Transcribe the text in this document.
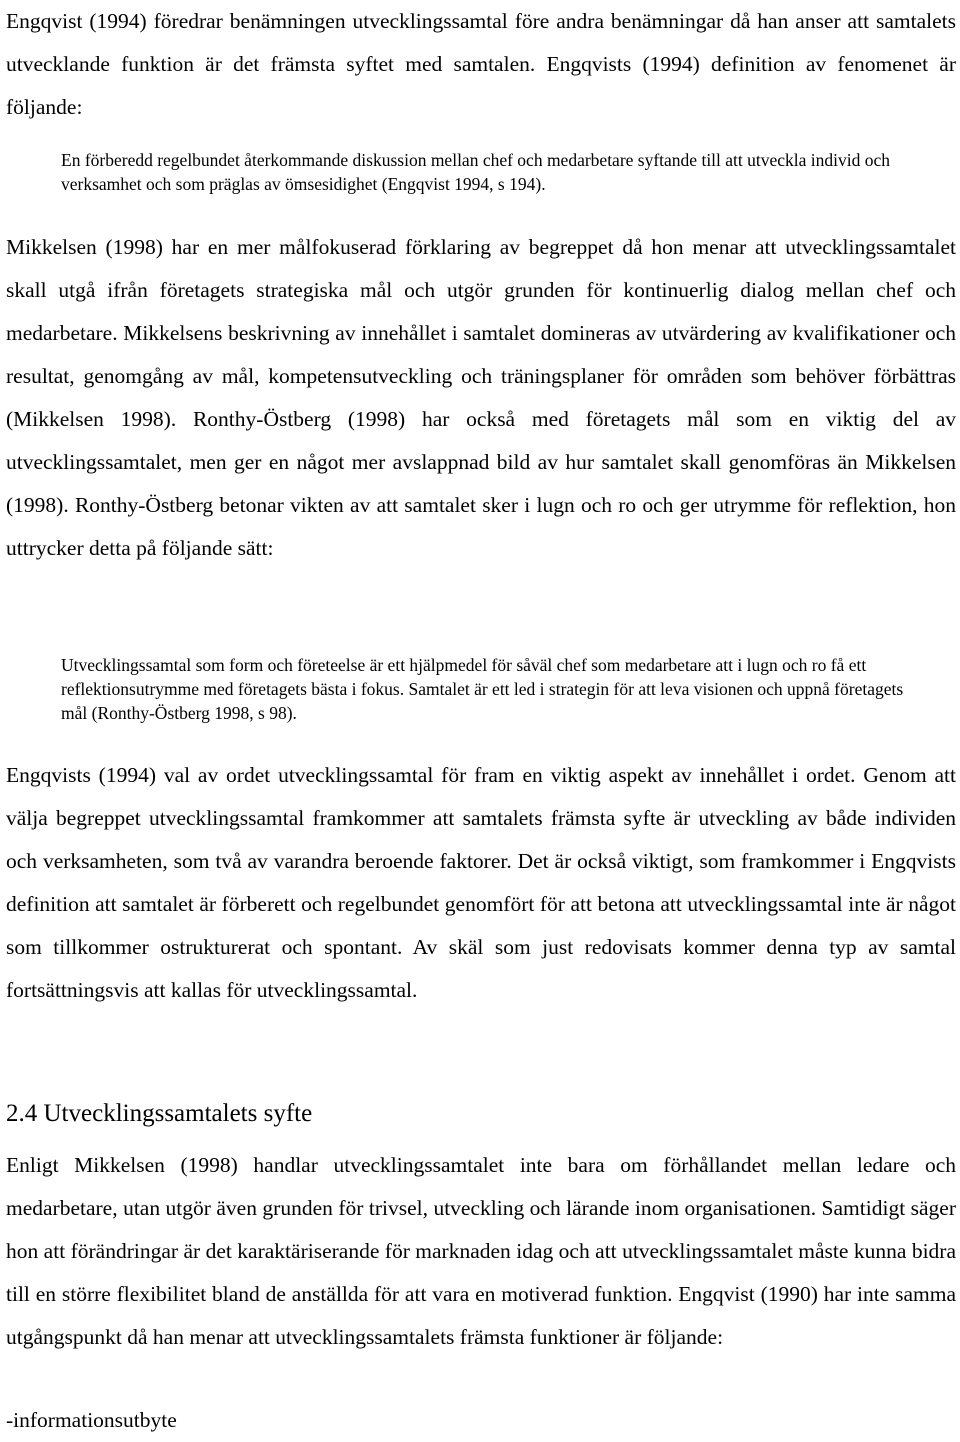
Engqvist (1994) föredrar benämningen utvecklingssamtal före andra benämningar då han anser att samtalets utvecklande funktion är det främsta syftet med samtalen. Engqvists (1994) definition av fenomenet är följande:

En förberedd regelbundet återkommande diskussion mellan chef och medarbetare syftande till att utveckla individ och verksamhet och som präglas av ömsesidighet (Engqvist 1994, s 194).

Mikkelsen (1998) har en mer målfokuserad förklaring av begreppet då hon menar att utvecklingssamtalet skall utgå ifrån företagets strategiska mål och utgör grunden för kontinuerlig dialog mellan chef och medarbetare. Mikkelsens beskrivning av innehållet i samtalet domineras av utvärdering av kvalifikationer och resultat, genomgång av mål, kompetensutveckling och träningsplaner för områden som behöver förbättras (Mikkelsen 1998). Ronthy-Östberg (1998) har också med företagets mål som en viktig del av utvecklingssamtalet, men ger en något mer avslappnad bild av hur samtalet skall genomföras än Mikkelsen (1998). Ronthy-Östberg betonar vikten av att samtalet sker i lugn och ro och ger utrymme för reflektion, hon uttrycker detta på följande sätt:

Utvecklingssamtal som form och företeelse är ett hjälpmedel för såväl chef som medarbetare att i lugn och ro få ett reflektionsutrymme med företagets bästa i fokus. Samtalet är ett led i strategin för att leva visionen och uppnå företagets mål (Ronthy-Östberg 1998, s 98).

Engqvists (1994) val av ordet utvecklingssamtal för fram en viktig aspekt av innehållet i ordet. Genom att välja begreppet utvecklingssamtal framkommer att samtalets främsta syfte är utveckling av både individen och verksamheten, som två av varandra beroende faktorer. Det är också viktigt, som framkommer i Engqvists definition att samtalet är förberett och regelbundet genomfört för att betona att utvecklingssamtal inte är något som tillkommer ostrukturerat och spontant. Av skäl som just redovisats kommer denna typ av samtal fortsättningsvis att kallas för utvecklingssamtal.

2.4 Utvecklingssamtalets syfte

Enligt Mikkelsen (1998) handlar utvecklingssamtalet inte bara om förhållandet mellan ledare och medarbetare, utan utgör även grunden för trivsel, utveckling och lärande inom organisationen. Samtidigt säger hon att förändringar är det karaktäriserande för marknaden idag och att utvecklingssamtalet måste kunna bidra till en större flexibilitet bland de anställda för att vara en motiverad funktion. Engqvist (1990) har inte samma utgångspunkt då han menar att utvecklingssamtalets främsta funktioner är följande:

-informationsutbyte
